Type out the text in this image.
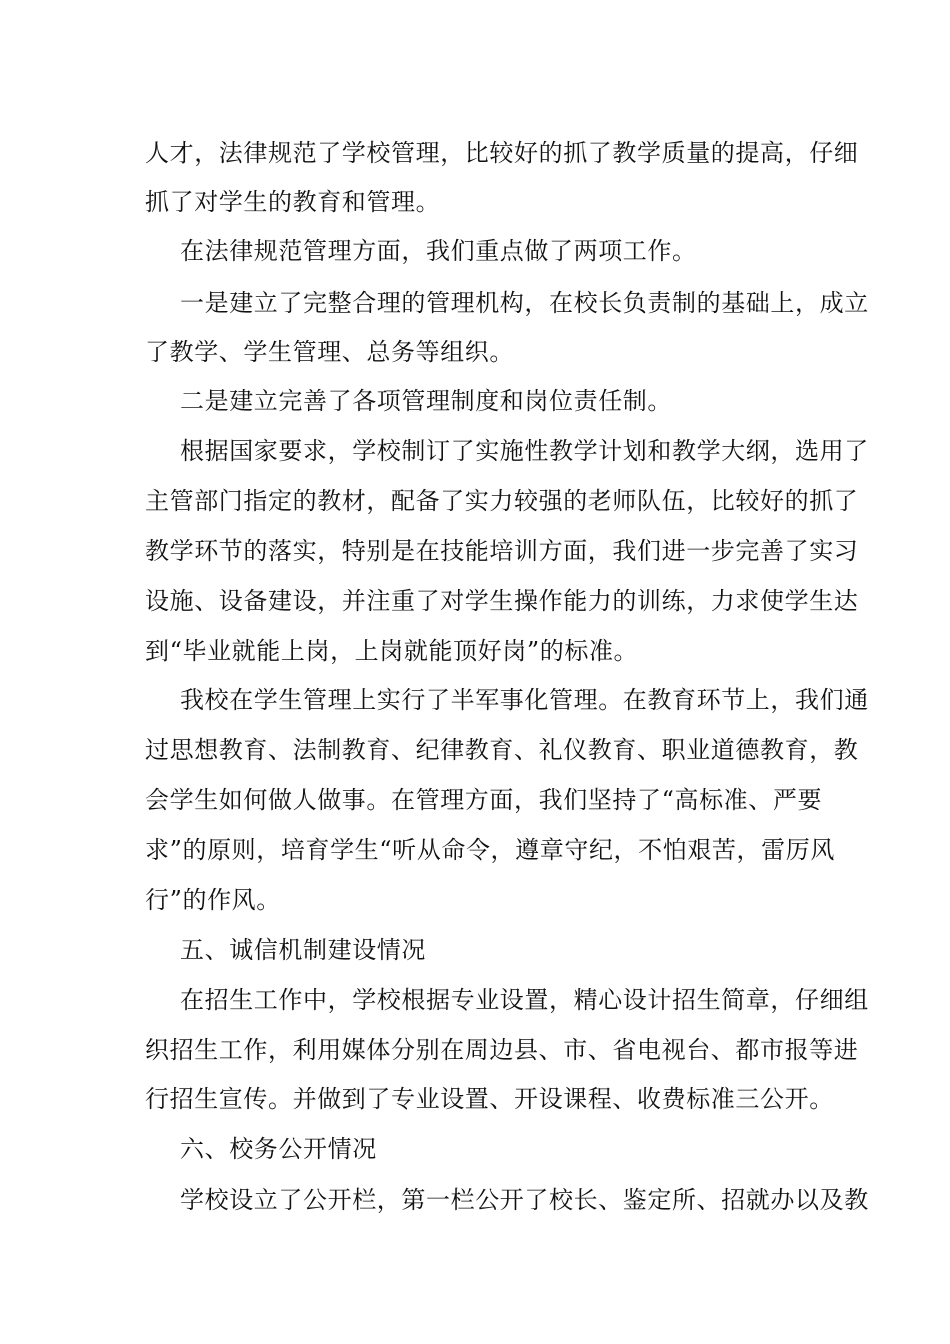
人才，法律规范了学校管理，比较好的抓了教学质量的提高，仔细

抓了对学生的教育和管理。

在法律规范管理方面，我们重点做了两项工作。

一是建立了完整合理的管理机构，在校长负责制的基础上，成立

了教学、学生管理、总务等组织。

二是建立完善了各项管理制度和岗位责任制。

根据国家要求，学校制订了实施性教学计划和教学大纲，选用了

主管部门指定的教材，配备了实力较强的老师队伍，比较好的抓了

教学环节的落实，特别是在技能培训方面，我们进一步完善了实习

设施、设备建设，并注重了对学生操作能力的训练，力求使学生达

到“毕业就能上岗，上岗就能顶好岗”的标准。

我校在学生管理上实行了半军事化管理。在教育环节上，我们通

过思想教育、法制教育、纪律教育、礼仪教育、职业道德教育，教

会学生如何做人做事。在管理方面，我们坚持了“高标准、严要

求”的原则，培育学生“听从命令，遵章守纪，不怕艰苦，雷厉风

行”的作风。

五、诚信机制建设情况

在招生工作中，学校根据专业设置，精心设计招生简章，仔细组

织招生工作，利用媒体分别在周边县、市、省电视台、都市报等进

行招生宣传。并做到了专业设置、开设课程、收费标准三公开。

六、校务公开情况

学校设立了公开栏，第一栏公开了校长、鉴定所、招就办以及教
